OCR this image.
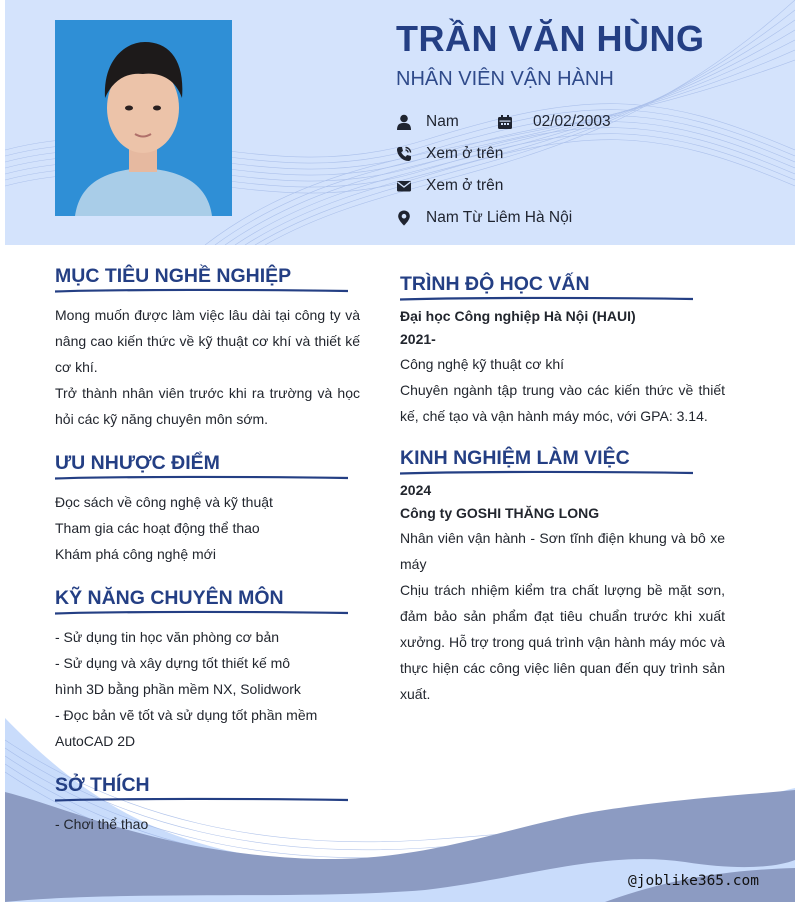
TRẦN VĂN HÙNG
NHÂN VIÊN VẬN HÀNH
Nam	02/02/2003
Xem ở trên
Xem ở trên
Nam Từ Liêm Hà Nội
MỤC TIÊU NGHỀ NGHIỆP
Mong muốn được làm việc lâu dài tại công ty và nâng cao kiến thức về kỹ thuật cơ khí và thiết kế cơ khí.
Trở thành nhân viên trước khi ra trường và học hỏi các kỹ năng chuyên môn sớm.
ƯU NHƯỢC ĐIỂM
Đọc sách về công nghệ và kỹ thuật
Tham gia các hoạt động thể thao
Khám phá công nghệ mới
KỸ NĂNG CHUYÊN MÔN
- Sử dụng tin học văn phòng cơ bản
- Sử dụng và xây dựng tốt thiết kế mô
hình 3D bằng phần mềm NX, Solidwork
- Đọc bản vẽ tốt và sử dụng tốt phần mềm
AutoCAD 2D
SỞ THÍCH
- Chơi thể thao
TRÌNH ĐỘ HỌC VẤN
Đại học Công nghiệp Hà Nội (HAUI)
2021-
Công nghệ kỹ thuật cơ khí
Chuyên ngành tập trung vào các kiến thức về thiết kế, chế tạo và vận hành máy móc, với GPA: 3.14.
KINH NGHIỆM LÀM VIỆC
2024
Công ty GOSHI THĂNG LONG
Nhân viên vận hành - Sơn tĩnh điện khung và bô xe máy
Chịu trách nhiệm kiểm tra chất lượng bề mặt sơn, đảm bảo sản phẩm đạt tiêu chuẩn trước khi xuất xưởng. Hỗ trợ trong quá trình vận hành máy móc và thực hiện các công việc liên quan đến quy trình sản xuất.
@joblike365.com
